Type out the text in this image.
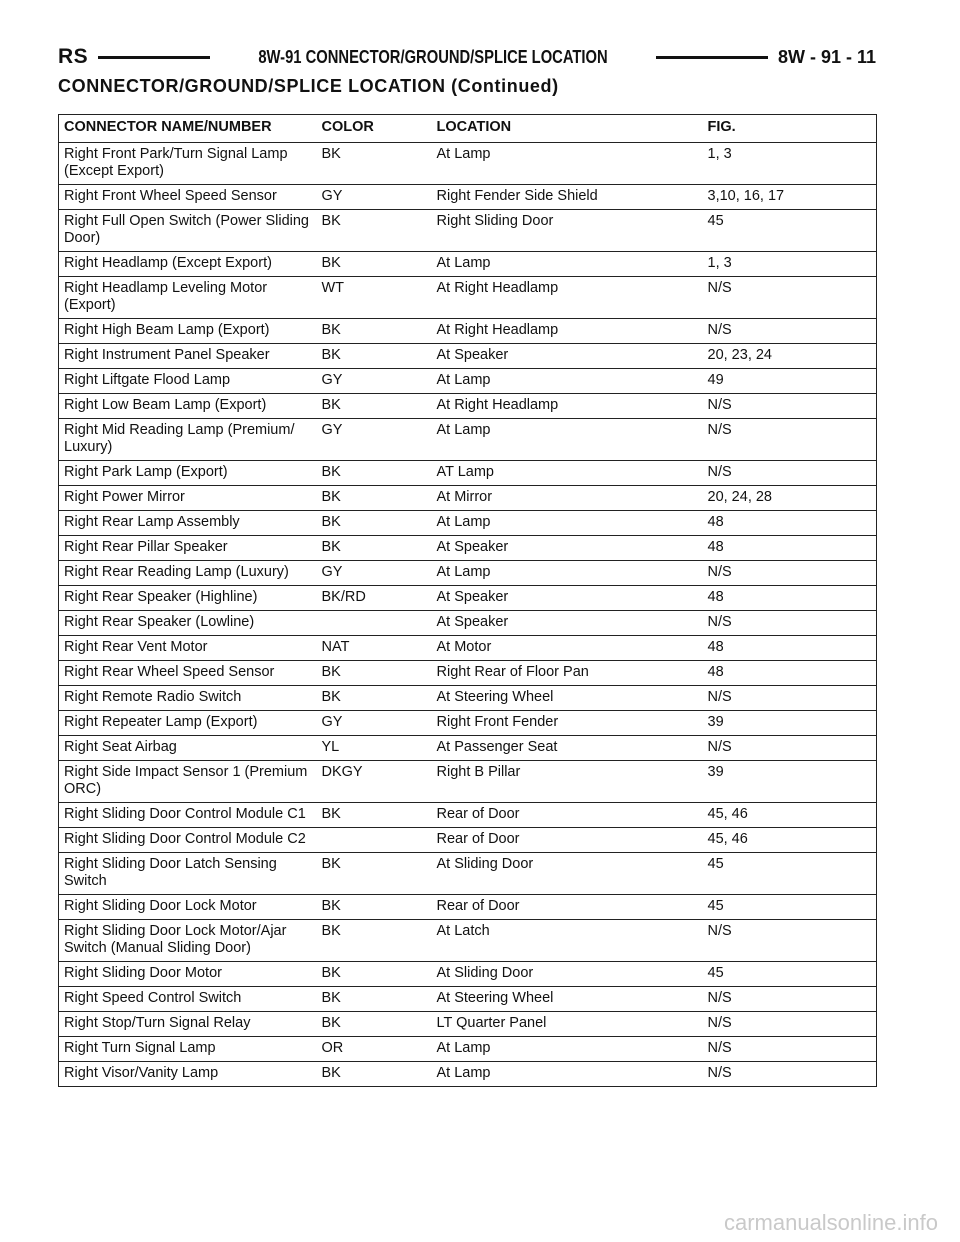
RS	8W-91 CONNECTOR/GROUND/SPLICE LOCATION	8W - 91 - 11
CONNECTOR/GROUND/SPLICE LOCATION (Continued)
CONNECTOR NAME/NUMBER	COLOR	LOCATION	FIG.
Right Front Park/Turn Signal Lamp (Except Export)	BK	At Lamp	1, 3
Right Front Wheel Speed Sensor	GY	Right Fender Side Shield	3,10, 16, 17
Right Full Open Switch (Power Sliding Door)	BK	Right Sliding Door	45
Right Headlamp (Except Export)	BK	At Lamp	1, 3
Right Headlamp Leveling Motor (Export)	WT	At Right Headlamp	N/S
Right High Beam Lamp (Export)	BK	At Right Headlamp	N/S
Right Instrument Panel Speaker	BK	At Speaker	20, 23, 24
Right Liftgate Flood Lamp	GY	At Lamp	49
Right Low Beam Lamp (Export)	BK	At Right Headlamp	N/S
Right Mid Reading Lamp (Premium/ Luxury)	GY	At Lamp	N/S
Right Park Lamp (Export)	BK	AT Lamp	N/S
Right Power Mirror	BK	At Mirror	20, 24, 28
Right Rear Lamp Assembly	BK	At Lamp	48
Right Rear Pillar Speaker	BK	At Speaker	48
Right Rear Reading Lamp (Luxury)	GY	At Lamp	N/S
Right Rear Speaker (Highline)	BK/RD	At Speaker	48
Right Rear Speaker (Lowline)		At Speaker	N/S
Right Rear Vent Motor	NAT	At Motor	48
Right Rear Wheel Speed Sensor	BK	Right Rear of Floor Pan	48
Right Remote Radio Switch	BK	At Steering Wheel	N/S
Right Repeater Lamp (Export)	GY	Right Front Fender	39
Right Seat Airbag	YL	At Passenger Seat	N/S
Right Side Impact Sensor 1 (Premium ORC)	DKGY	Right B Pillar	39
Right Sliding Door Control Module C1	BK	Rear of Door	45, 46
Right Sliding Door Control Module C2		Rear of Door	45, 46
Right Sliding Door Latch Sensing Switch	BK	At Sliding Door	45
Right Sliding Door Lock Motor	BK	Rear of Door	45
Right Sliding Door Lock Motor/Ajar Switch (Manual Sliding Door)	BK	At Latch	N/S
Right Sliding Door Motor	BK	At Sliding Door	45
Right Speed Control Switch	BK	At Steering Wheel	N/S
Right Stop/Turn Signal Relay	BK	LT Quarter Panel	N/S
Right Turn Signal Lamp	OR	At Lamp	N/S
Right Visor/Vanity Lamp	BK	At Lamp	N/S
carmanualsonline.info
